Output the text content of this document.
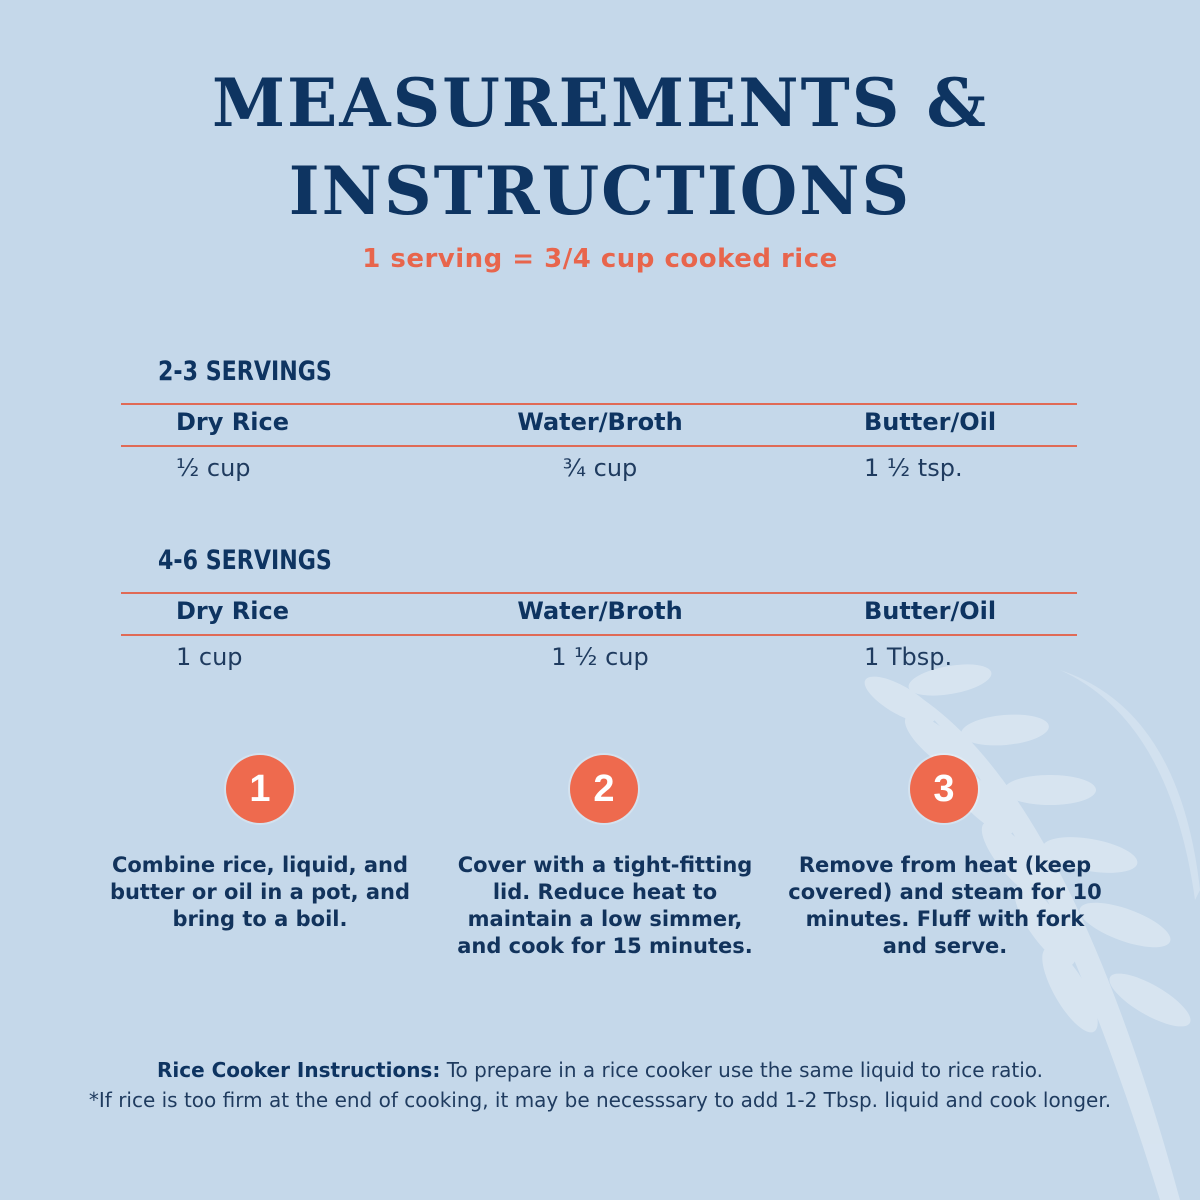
MEASUREMENTS &
INSTRUCTIONS
1 serving = 3/4 cup cooked rice
2-3 SERVINGS
Dry Rice	Water/Broth	Butter/Oil
½ cup	¾ cup	1 ½ tsp.
4-6 SERVINGS
Dry Rice	Water/Broth	Butter/Oil
1 cup	1 ½ cup	1 Tbsp.
1
Combine rice, liquid, and butter or oil in a pot, and bring to a boil.
2
Cover with a tight-fitting lid. Reduce heat to maintain a low simmer, and cook for 15 minutes.
3
Remove from heat (keep covered) and steam for 10 minutes. Fluff with fork and serve.
Rice Cooker Instructions: To prepare in a rice cooker use the same liquid to rice ratio.
*If rice is too firm at the end of cooking, it may be necesssary to add 1-2 Tbsp. liquid and cook longer.
